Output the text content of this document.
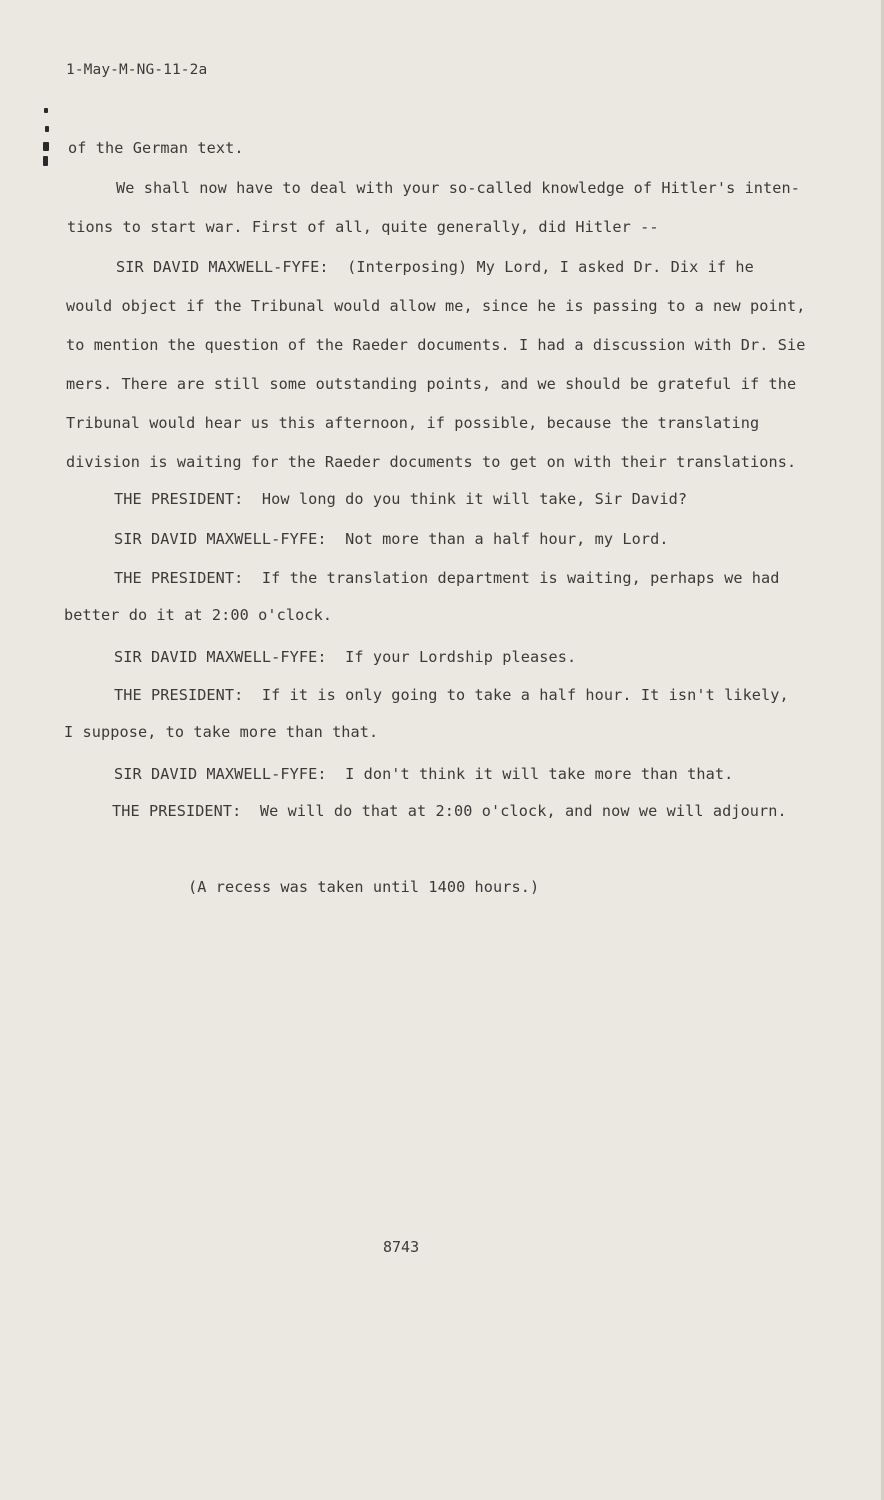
1-May-M-NG-11-2a
of the German text.
We shall now have to deal with your so-called knowledge of Hitler's inten-
tions to start war. First of all, quite generally, did Hitler --
SIR DAVID MAXWELL-FYFE:  (Interposing) My Lord, I asked Dr. Dix if he
would object if the Tribunal would allow me, since he is passing to a new point,
to mention the question of the Raeder documents. I had a discussion with Dr. Sie
mers. There are still some outstanding points, and we should be grateful if the
Tribunal would hear us this afternoon, if possible, because the translating
division is waiting for the Raeder documents to get on with their translations.
THE PRESIDENT:  How long do you think it will take, Sir David?
SIR DAVID MAXWELL-FYFE:  Not more than a half hour, my Lord.
THE PRESIDENT:  If the translation department is waiting, perhaps we had
better do it at 2:00 o'clock.
SIR DAVID MAXWELL-FYFE:  If your Lordship pleases.
THE PRESIDENT:  If it is only going to take a half hour. It isn't likely,
I suppose, to take more than that.
SIR DAVID MAXWELL-FYFE:  I don't think it will take more than that.
THE PRESIDENT:  We will do that at 2:00 o'clock, and now we will adjourn.
(A recess was taken until 1400 hours.)
8743
